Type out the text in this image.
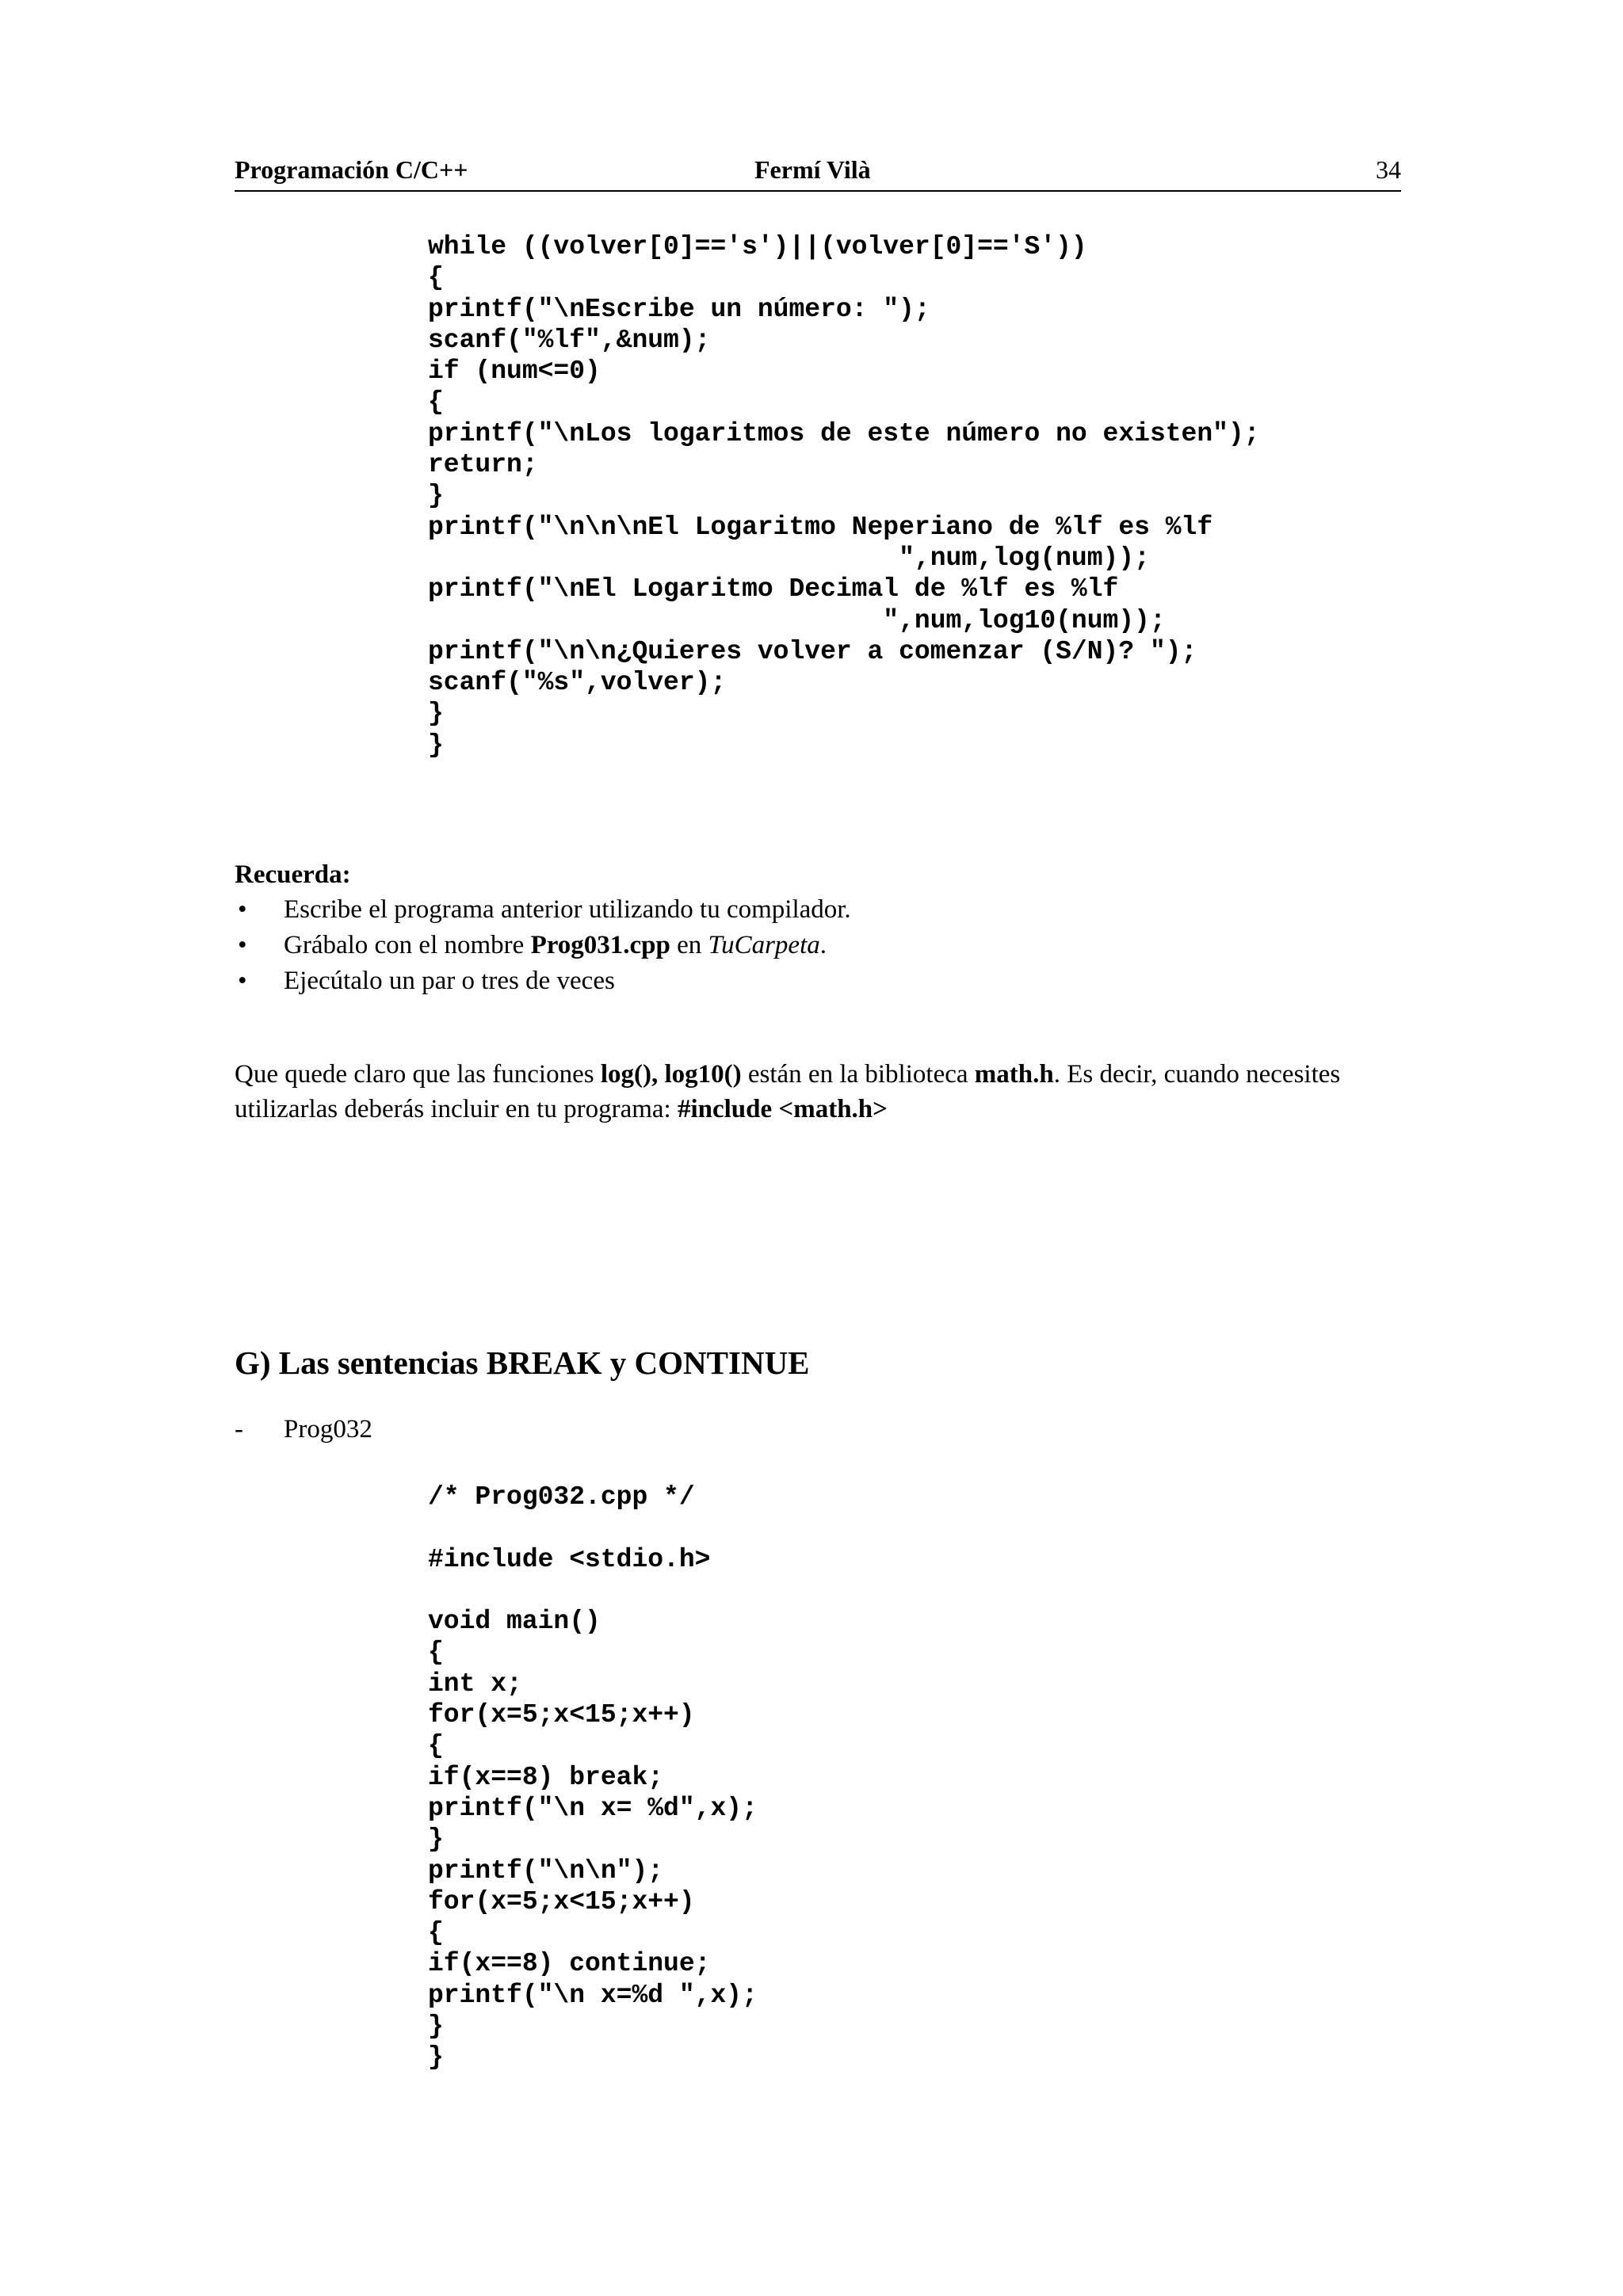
Programación C/C++	Fermí Vilà	34
while ((volver[0]=='s')||(volver[0]=='S'))
{
printf("\nEscribe un número: ");
scanf("%lf",&num);
if (num<=0)
{
printf("\nLos logaritmos de este número no existen");
return;
}
printf("\n\n\nEl Logaritmo Neperiano de %lf es %lf
",num,log(num));
printf("\nEl Logaritmo Decimal de %lf es %lf
",num,log10(num));
printf("\n\n¿Quieres volver a comenzar (S/N)? ");
scanf("%s",volver);
}
}
Recuerda:
• Escribe el programa anterior utilizando tu compilador.
• Grábalo con el nombre Prog031.cpp en TuCarpeta.
• Ejecútalo un par o tres de veces
Que quede claro que las funciones log(), log10() están en la biblioteca math.h. Es decir, cuando necesites utilizarlas deberás incluir en tu programa: #include <math.h>
G) Las sentencias BREAK y CONTINUE
- Prog032
/* Prog032.cpp */

#include <stdio.h>

void main()
{
int x;
for(x=5;x<15;x++)
{
if(x==8) break;
printf("\n x= %d",x);
}
printf("\n\n");
for(x=5;x<15;x++)
{
if(x==8) continue;
printf("\n x=%d ",x);
}
}
